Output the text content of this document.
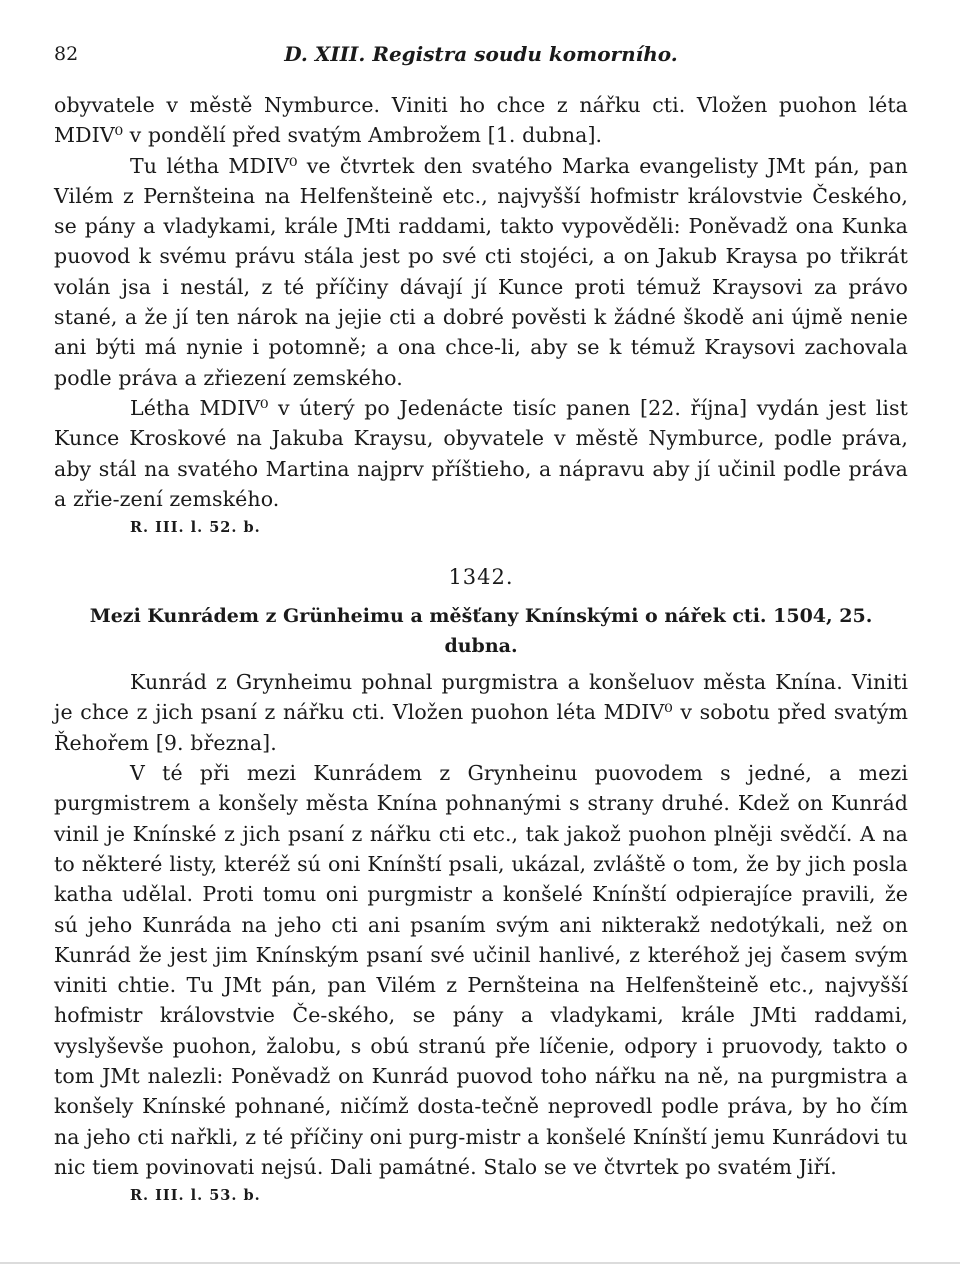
82	D. XIII. Registra soudu komorního.

obyvatele v městě Nymburce. Viniti ho chce z nářku cti. Vložen puohon léta MDIV⁰ v pondělí před svatým Ambrožem [1. dubna].

Tu létha MDIV⁰ ve čtvrtek den svatého Marka evangelisty JMt pán, pan Vilém z Pernšteina na Helfenšteině etc., najvyšší hofmistr královstvie Českého, se pány a vladykami, krále JMti raddami, takto vypověděli: Poněvadž ona Kunka puovod k svému právu stála jest po své cti stojéci, a on Jakub Kraysa po třikrát volán jsa i nestál, z té příčiny dávají jí Kunce proti témuž Kraysovi za právo stané, a že jí ten nárok na jejie cti a dobré pověsti k žádné škodě ani újmě nenie ani býti má nynie i potomně; a ona chce-li, aby se k témuž Kraysovi zachovala podle práva a zřiezení zemského.

Létha MDIV⁰ v úterý po Jedenácte tisíc panen [22. října] vydán jest list Kunce Kroskové na Jakuba Kraysu, obyvatele v městě Nymburce, podle práva, aby stál na svatého Martina najprv příštieho, a nápravu aby jí učinil podle práva a zřie-zení zemského.

R. III. l. 52. b.
1342.
Mezi Kunrádem z Grünheimu a měšťany Knínskými o nářek cti. 1504, 25. dubna.

Kunrád z Grynheimu pohnal purgmistra a konšeluov města Knína. Viniti je chce z jich psaní z nářku cti. Vložen puohon léta MDIV⁰ v sobotu před svatým Řehořem [9. března].

V té při mezi Kunrádem z Grynheinu puovodem s jedné, a mezi purgmistrem a konšely města Knína pohnanými s strany druhé. Kdež on Kunrád vinil je Knínské z jich psaní z nářku cti etc., tak jakož puohon plněji svědčí. A na to některé listy, kteréž sú oni Knínští psali, ukázal, zvláště o tom, že by jich posla katha udělal. Proti tomu oni purgmistr a konšelé Knínští odpierajíce pravili, že sú jeho Kunráda na jeho cti ani psaním svým ani nikterakž nedotýkali, než on Kunrád že jest jim Knínským psaní své učinil hanlivé, z kteréhož jej časem svým viniti chtie. Tu JMt pán, pan Vilém z Pernšteina na Helfenšteině etc., najvyšší hofmistr královstvie Če-ského, se pány a vladykami, krále JMti raddami, vyslyševše puohon, žalobu, s obú stranú pře líčenie, odpory i pruovody, takto o tom JMt nalezli: Poněvadž on Kunrád puovod toho nářku na ně, na purgmistra a konšely Knínské pohnané, ničímž dosta-tečně neprovedl podle práva, by ho čím na jeho cti nařkli, z té příčiny oni purg-mistr a konšelé Knínští jemu Kunrádovi tu nic tiem povinovati nejsú. Dali památné. Stalo se ve čtvrtek po svatém Jiří.

R. III. l. 53. b.
